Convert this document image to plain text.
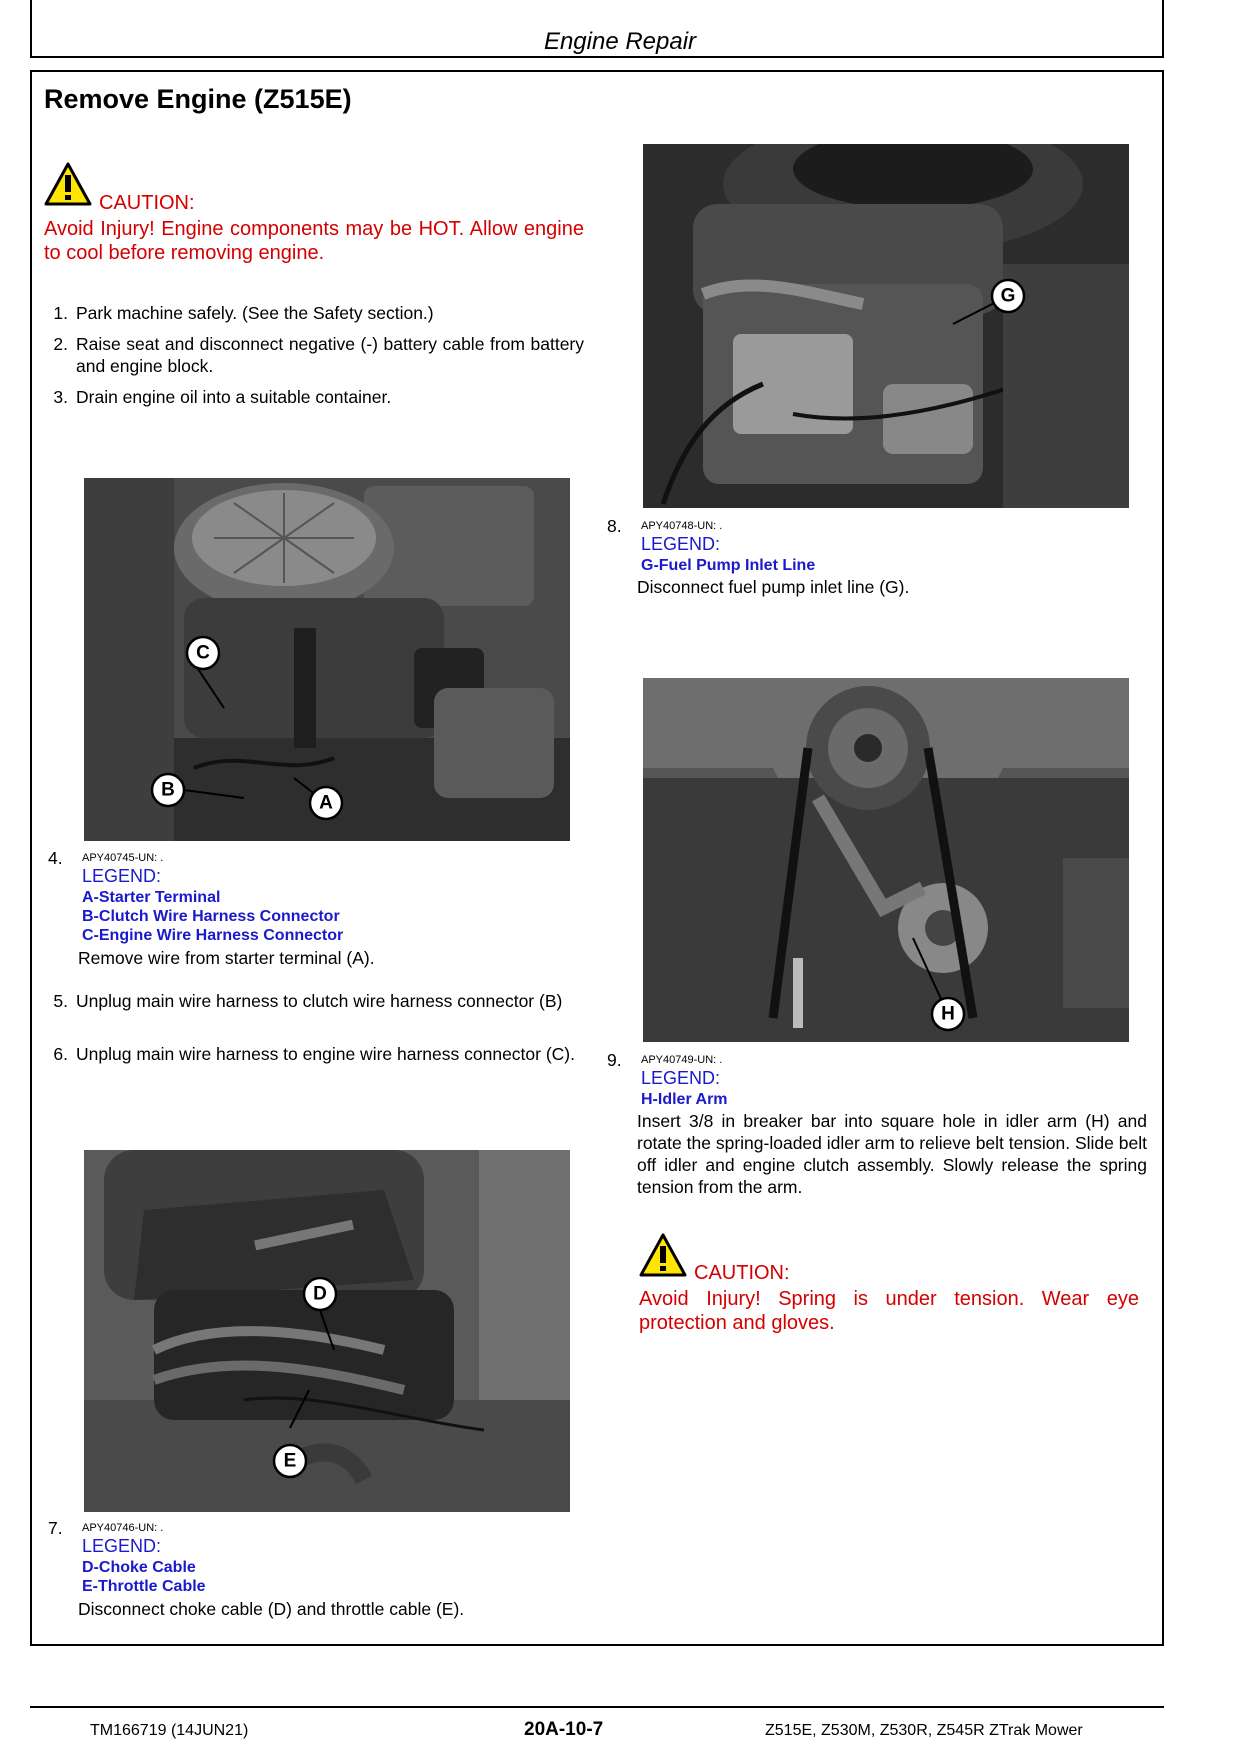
Engine Repair
Remove Engine (Z515E)
CAUTION:
Avoid Injury! Engine components may be HOT. Allow engine to cool before removing engine.
1. Park machine safely. (See the Safety section.)
2. Raise seat and disconnect negative (-) battery cable from battery and engine block.
3. Drain engine oil into a suitable container.
C
B
A
4. APY40745-UN: .
LEGEND:
A-Starter Terminal
B-Clutch Wire Harness Connector
C-Engine Wire Harness Connector
Remove wire from starter terminal (A).
5. Unplug main wire harness to clutch wire harness connector (B)
6. Unplug main wire harness to engine wire harness connector (C).
D
E
7. APY40746-UN: .
LEGEND:
D-Choke Cable
E-Throttle Cable
Disconnect choke cable (D) and throttle cable (E).
G
8. APY40748-UN: .
LEGEND:
G-Fuel Pump Inlet Line
Disconnect fuel pump inlet line (G).
H
9. APY40749-UN: .
LEGEND:
H-Idler Arm
Insert 3/8 in breaker bar into square hole in idler arm (H) and rotate the spring-loaded idler arm to relieve belt tension. Slide belt off idler and engine clutch assembly. Slowly release the spring tension from the arm.
CAUTION:
Avoid Injury! Spring is under tension. Wear eye protection and gloves.
TM166719 (14JUN21)	20A-10-7	Z515E, Z530M, Z530R, Z545R ZTrak Mower
